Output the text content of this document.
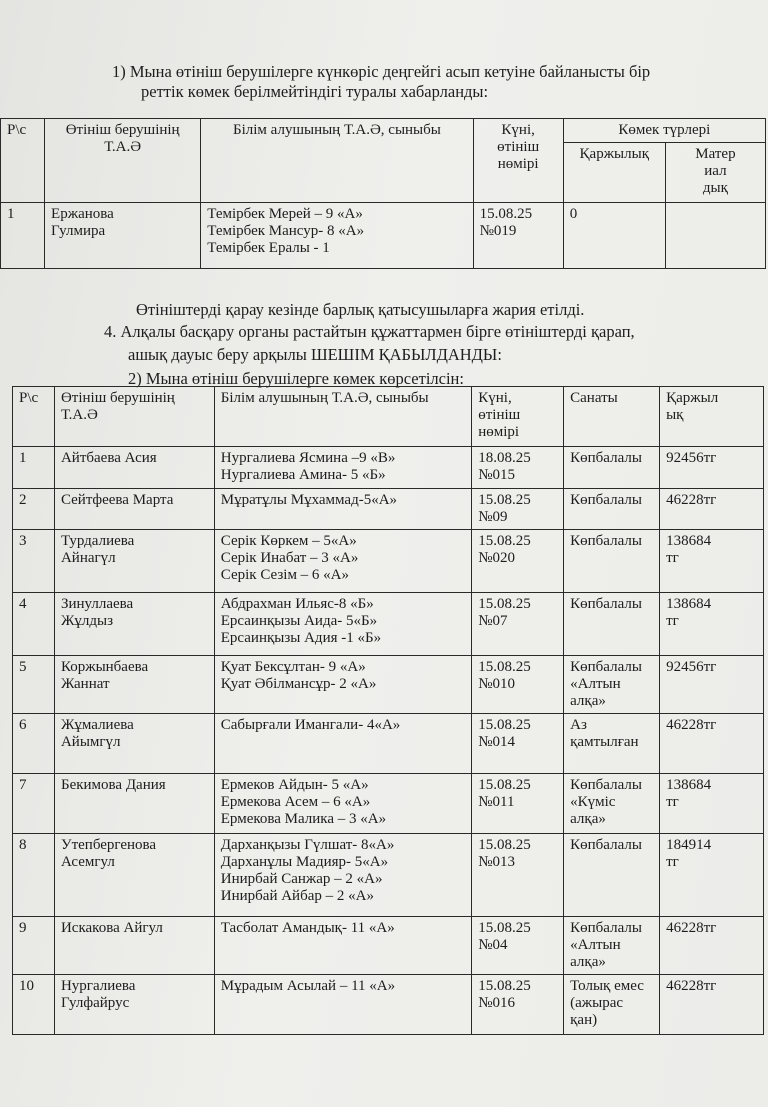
1) Мына өтініш берушілерге күнкөріс деңгейгі асып кетуіне байланысты бір
реттік көмек берілмейтіндігі туралы хабарланды:
Р\с	Өтініш берушінің
Т.А.Ә	Білім алушының Т.А.Ә, сыныбы	Күні,
өтініш
нөмірі	Көмек түрлері	
				Қаржылық	Матер
иал
дық

1	Ержанова
Гулмира	Темірбек Мерей – 9 «А»
Темірбек Мансур- 8 «А»
Темірбек Ералы - 1	15.08.25
№019	0	
Өтініштерді қарау кезінде барлық қатысушыларға жария етілді.
4. Алқалы басқару органы растайтын құжаттармен бірге өтініштерді қарап,
ашық дауыс беру арқылы ШЕШІМ ҚАБЫЛДАНДЫ:
2) Мына өтініш берушілерге көмек көрсетілсін:
Р\с	Өтініш берушінің
Т.А.Ә	Білім алушының Т.А.Ә, сыныбы	Күні,
өтініш
нөмірі	Санаты	Қаржыл
ық

1	Айтбаева Асия	Нургалиева Ясмина –9 «В»
Нургалиева Амина- 5 «Б»	18.08.25
№015	Көпбалалы	92456тг

2	Сейтфеева Марта	Мұратұлы Мұхаммад-5«А»	15.08.25
№09	Көпбалалы	46228тг

3	Турдалиева
Айнагүл	Серік Көркем – 5«А»
Серік Инабат – 3 «А»
Серік Сезім – 6 «А»	15.08.25
№020	Көпбалалы	138684
тг

4	Зинуллаева
Жұлдыз	Абдрахман Ильяс-8 «Б»
Ерсаинқызы Аида- 5«Б»
Ерсаинқызы Адия -1 «Б»	15.08.25
№07	Көпбалалы	138684
тг

5	Коржынбаева
Жаннат	Қуат Бексұлтан- 9 «А»
Қуат Әбілмансұр- 2 «А»	15.08.25
№010	Көпбалалы
«Алтын
алқа»	92456тг

6	Жұмалиева
Айымгүл	Сабырғали Имангали- 4«А»	15.08.25
№014	Аз
қамтылған	46228тг

7	Бекимова Дания	Ермеков Айдын- 5 «А»
Ермекова Асем – 6 «А»
Ермекова Малика – 3 «А»	15.08.25
№011	Көпбалалы
«Күміс
алқа»	138684
тг

8	Утепбергенова
Асемгул	Дарханқызы Гүлшат- 8«А»
Дарханұлы Мадияр- 5«А»
Инирбай Санжар – 2 «А»
Инирбай Айбар – 2 «А»	15.08.25
№013	Көпбалалы	184914
тг

9	Искакова Айгул	Тасболат Амандық- 11 «А»	15.08.25
№04	Көпбалалы
«Алтын
алқа»	46228тг

10	Нургалиева
Гулфайрус	Мұрадым Асылай – 11 «А»	15.08.25
№016	Толық емес
(ажырас
қан)	46228тг
